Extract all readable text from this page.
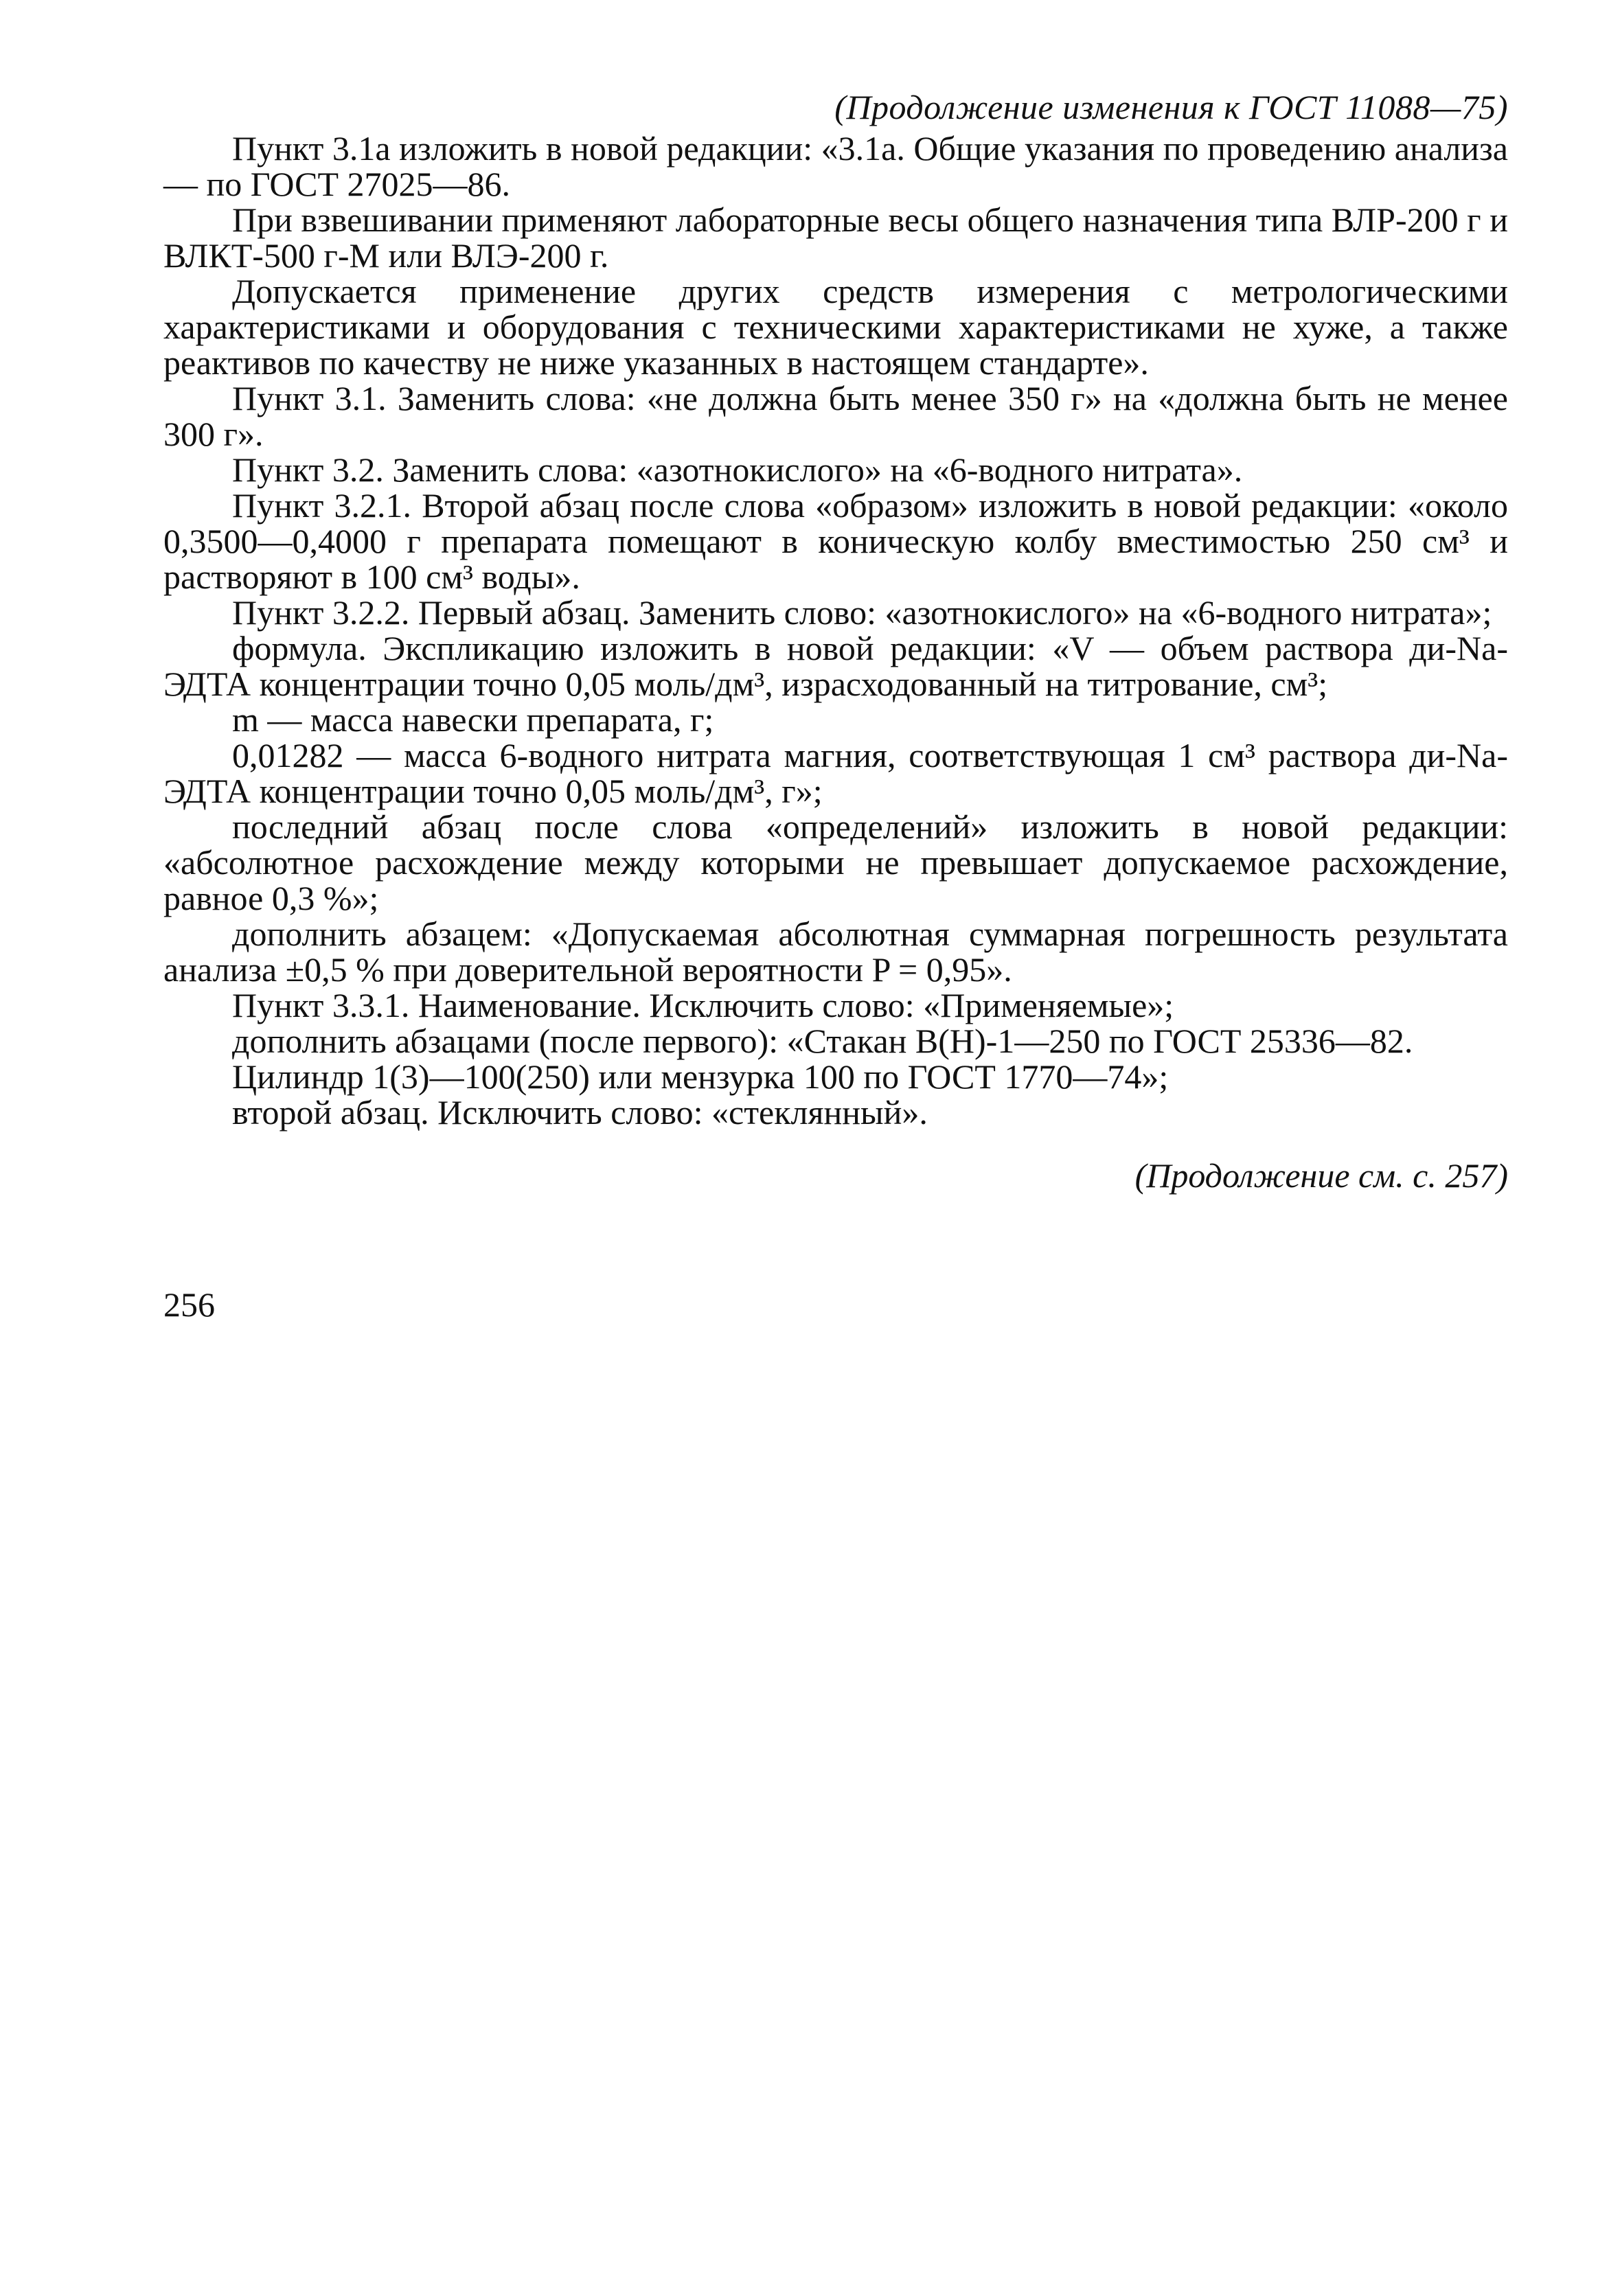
(Продолжение изменения к ГОСТ 11088—75)

Пункт 3.1а изложить в новой редакции: «3.1а. Общие указания по проведению анализа — по ГОСТ 27025—86.

При взвешивании применяют лабораторные весы общего назначения типа ВЛР-200 г и ВЛКТ-500 г-М или ВЛЭ-200 г.

Допускается применение других средств измерения с метрологическими характеристиками и оборудования с техническими характеристиками не хуже, а также реактивов по качеству не ниже указанных в настоящем стандарте».

Пункт 3.1. Заменить слова: «не должна быть менее 350 г» на «должна быть не менее 300 г».

Пункт 3.2. Заменить слова: «азотнокислого» на «6-водного нитрата».

Пункт 3.2.1. Второй абзац после слова «образом» изложить в новой редакции: «около 0,3500—0,4000 г препарата помещают в коническую колбу вместимостью 250 см³ и растворяют в 100 см³ воды».

Пункт 3.2.2. Первый абзац. Заменить слово: «азотнокислого» на «6-водного нитрата»;

формула. Экспликацию изложить в новой редакции: «V — объем раствора ди-Na-ЭДТА концентрации точно 0,05 моль/дм³, израсходованный на титрование, см³;

m — масса навески препарата, г;

0,01282 — масса 6-водного нитрата магния, соответствующая 1 см³ раствора ди-Na-ЭДТА концентрации точно 0,05 моль/дм³, г»;

последний абзац после слова «определений» изложить в новой редакции: «абсолютное расхождение между которыми не превышает допускаемое расхождение, равное 0,3 %»;

дополнить абзацем: «Допускаемая абсолютная суммарная погрешность результата анализа ±0,5 % при доверительной вероятности P = 0,95».

Пункт 3.3.1. Наименование. Исключить слово: «Применяемые»;

дополнить абзацами (после первого): «Стакан В(Н)-1—250 по ГОСТ 25336—82.

Цилиндр 1(3)—100(250) или мензурка 100 по ГОСТ 1770—74»;

второй абзац. Исключить слово: «стеклянный».

(Продолжение см. с. 257)

256
